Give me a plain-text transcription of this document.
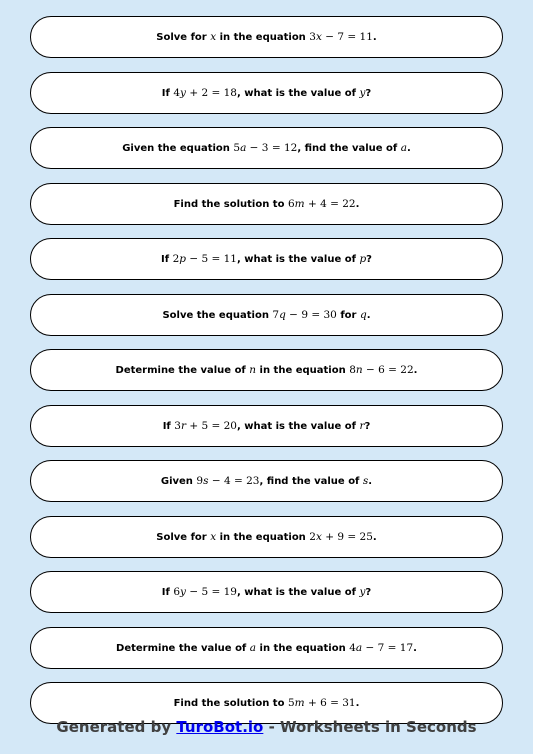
Solve for x in the equation 3x − 7 = 11.
If 4y + 2 = 18, what is the value of y?
Given the equation 5a − 3 = 12, find the value of a.
Find the solution to 6m + 4 = 22.
If 2p − 5 = 11, what is the value of p?
Solve the equation 7q − 9 = 30 for q.
Determine the value of n in the equation 8n − 6 = 22.
If 3r + 5 = 20, what is the value of r?
Given 9s − 4 = 23, find the value of s.
Solve for x in the equation 2x + 9 = 25.
If 6y − 5 = 19, what is the value of y?
Determine the value of a in the equation 4a − 7 = 17.
Find the solution to 5m + 6 = 31.
Generated by TuroBot.io - Worksheets in Seconds
